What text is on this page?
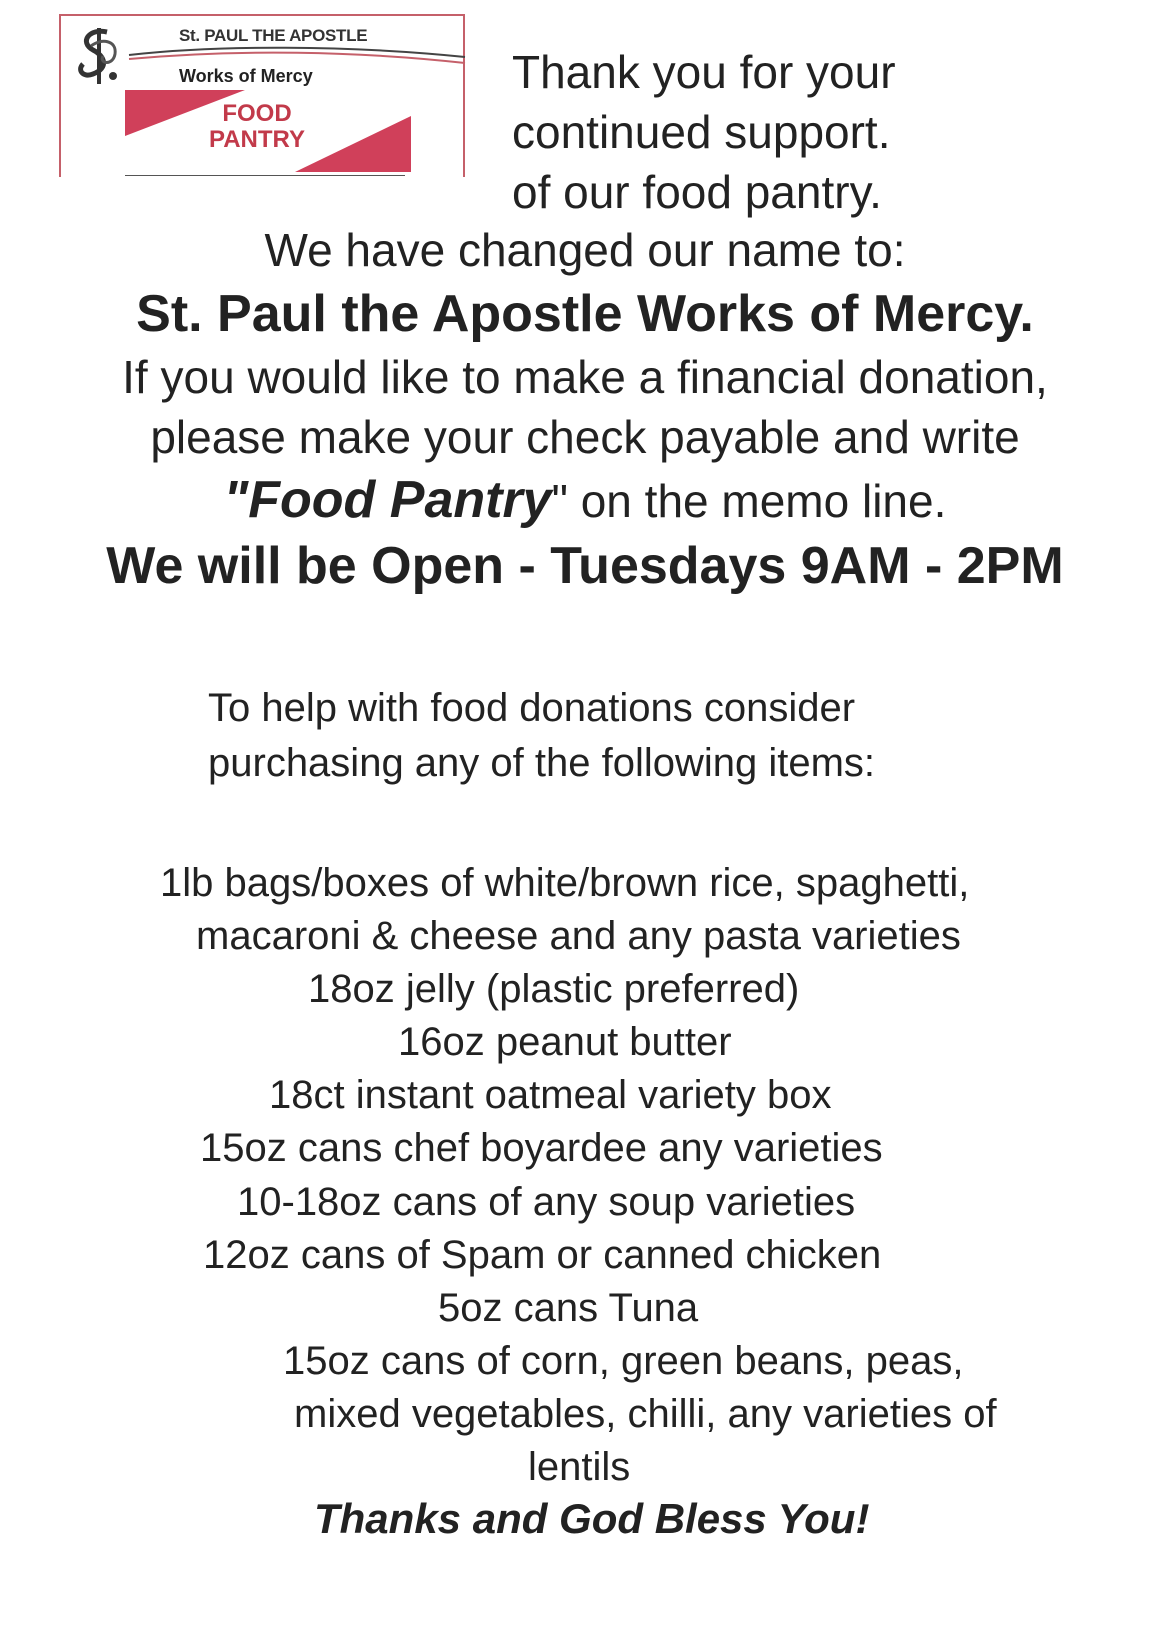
St. PAUL THE APOSTLE
Works of Mercy
FOOD
PANTRY
Thank you for your
continued support.
of our food pantry.
We have changed our name to:
St. Paul the Apostle Works of Mercy.
If you would like to make a financial donation,
please make your check payable and write
"Food Pantry" on the memo line.
We will be Open - Tuesdays 9AM - 2PM
To help with food donations consider
purchasing any of the following items:
1lb bags/boxes of white/brown rice, spaghetti,
macaroni & cheese and any pasta varieties
18oz jelly (plastic preferred)
16oz peanut butter
18ct instant oatmeal variety box
15oz cans chef boyardee any varieties
10-18oz cans of any soup varieties
12oz cans of Spam or canned chicken
5oz cans Tuna
15oz cans of corn, green beans, peas,
mixed vegetables, chilli, any varieties of
lentils
Thanks and God Bless You!
